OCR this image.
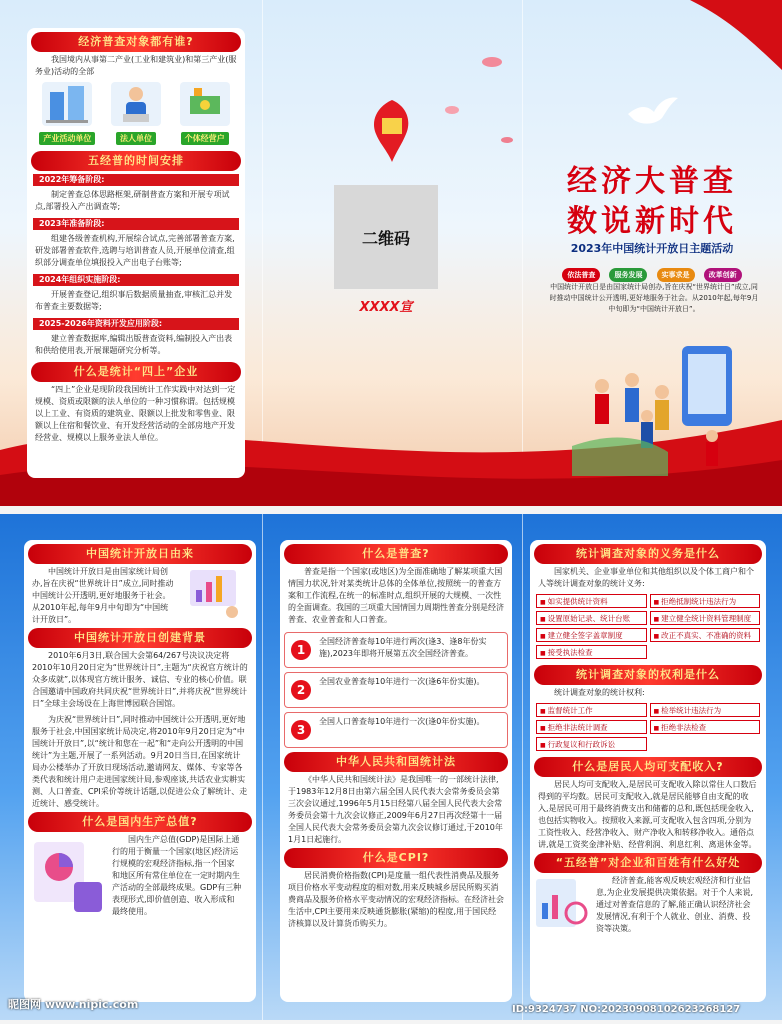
经济普查对象都有谁?
我国境内从事第二产业(工业和建筑业)和第三产业(服务业)活动的全部
产业活动单位	法人单位	个体经营户
五经普的时间安排
2022年筹备阶段:
制定普查总体思路框架,研制普查方案和开展专项试点,部署投入产出调查等;
2023年准备阶段:
组建各级普查机构,开展综合试点,完善部署普查方案,研发部署普查软件,选聘与培训普查人员,开展单位清查,组织部分调查单位填报投入产出电子台账等;
2024年组织实施阶段:
开展普查登记,组织事后数据质量抽查,审核汇总并发布普查主要数据等;
2025-2026年资料开发应用阶段:
建立普查数据库,编辑出版普查资料,编制投入产出表和供给使用表,开展课题研究分析等。
什么是统计“四上”企业
“四上”企业是现阶段我国统计工作实践中对达到一定规模、资质或限额的法人单位的一种习惯称谓。包括规模以上工业、有资质的建筑业、限额以上批发和零售业、限额以上住宿和餐饮业、有开发经营活动的全部房地产开发经营业、规模以上服务业法人单位。
二维码
XXXX宣
经济大普查
数说新时代
2023年中国统计开放日主题活动
依法普查	服务发展	实事求是	改革创新
中国统计开放日是由国家统计局创办,旨在庆祝“世界统计日”成立,同时推动中国统计公开透明,更好地服务于社会。从2010年起,每年9月中旬即为“中国统计开放日”。
中国统计开放日由来
中国统计开放日是由国家统计局创办,旨在庆祝“世界统计日”成立,同时推动中国统计公开透明,更好地服务于社会。从2010年起,每年9月中旬即为“中国统计开放日”。
中国统计开放日创建背景
2010年6月3日,联合国大会第64/267号决议决定将2010年10月20日定为“世界统计日”,主题为“庆祝官方统计的众多成就”,以体现官方统计服务、诚信、专业的核心价值。联合国邀请中国政府共同庆祝“世界统计日”,并将庆祝“世界统计日”全球主会场设在上海世博园联合国馆。
为庆祝“世界统计日”,同时推动中国统计公开透明,更好地服务于社会,中国国家统计局决定,将2010年9月20日定为“中国统计开放日”,以“统计和您在一起”和“走向公开透明的中国统计”为主题,开展了一系列活动。9月20日当日,在国家统计局办公楼举办了开放日现场活动,邀请网友、媒体、专家等各类代表和统计用户走进国家统计局,参观座谈,共话农业实耕实测、人口普查、CPI采价等统计话题,以促进公众了解统计、走近统计、感受统计。
什么是国内生产总值?
国内生产总值(GDP)是国际上通行的用于衡量一个国家(地区)经济运行规模的宏观经济指标,指一个国家和地区所有常住单位在一定时期内生产活动的全部最终成果。GDP有三种表现形式,即价值创造、收入形成和最终使用。
什么是普查?
普查是指一个国家(或地区)为全面准确地了解某项重大国情国力状况,针对某类统计总体的全体单位,按照统一的普查方案和工作流程,在统一的标准时点,组织开展的大规模、一次性的全面调查。我国的三项重大国情国力周期性普查分别是经济普查、农业普查和人口普查。
1
全国经济普查每10年进行两次(逢3、逢8年份实施),2023年即将开展第五次全国经济普查。
2
全国农业普查每10年进行一次(逢6年份实施)。
3
全国人口普查每10年进行一次(逢0年份实施)。
中华人民共和国统计法
《中华人民共和国统计法》是我国唯一的一部统计法律,于1983年12月8日由第六届全国人民代表大会常务委员会第三次会议通过,1996年5月15日经第八届全国人民代表大会常务委员会第十九次会议修正,2009年6月27日再次经第十一届全国人民代表大会常务委员会第九次会议修订通过,于2010年1月1日起施行。
什么是CPI?
居民消费价格指数(CPI)是度量一组代表性消费品及服务项目价格水平变动程度的相对数,用来反映城乡居民所购买消费商品及服务价格水平变动情况的宏观经济指标。在经济社会生活中,CPI主要用来反映通货膨胀(紧缩)的程度,用于国民经济核算以及计算货币购买力。
统计调查对象的义务是什么
国家机关、企业事业单位和其他组织以及个体工商户和个人等统计调查对象的统计义务:
■ 如实提供统计资料	■ 拒绝抵制统计违法行为
■ 设置原始记录、统计台账	■ 建立健全统计资料管理制度
■ 建立健全签字盖章制度	■ 改正不真实、不准确的资料
■ 接受执法检查
统计调查对象的权利是什么
统计调查对象的统计权利:
■ 监督统计工作	■ 检举统计违法行为
■ 拒绝非法统计调查	■ 拒绝非法检查
■ 行政复议和行政诉讼
什么是居民人均可支配收入?
居民人均可支配收入,是居民可支配收入除以常住人口数后得到的平均数。居民可支配收入,就是居民能够自由支配的收入,是居民可用于最终消费支出和储蓄的总和,既包括现金收入,也包括实物收入。按照收入来源,可支配收入包含四项,分别为工资性收入、经营净收入、财产净收入和转移净收入。通俗点讲,就是工资奖金津补贴、经营利润、利息红利、离退休金等。
“五经普”对企业和百姓有什么好处
经济普查,能客观反映宏观经济和行业信息,为企业发展提供决策依据。对于个人来说,通过对普查信息的了解,能正确认识经济社会发展情况,有利于个人就业、创业、消费、投资等决策。
昵图网 www.nipic.com	ID:9324737 NO:20230908102623268127
